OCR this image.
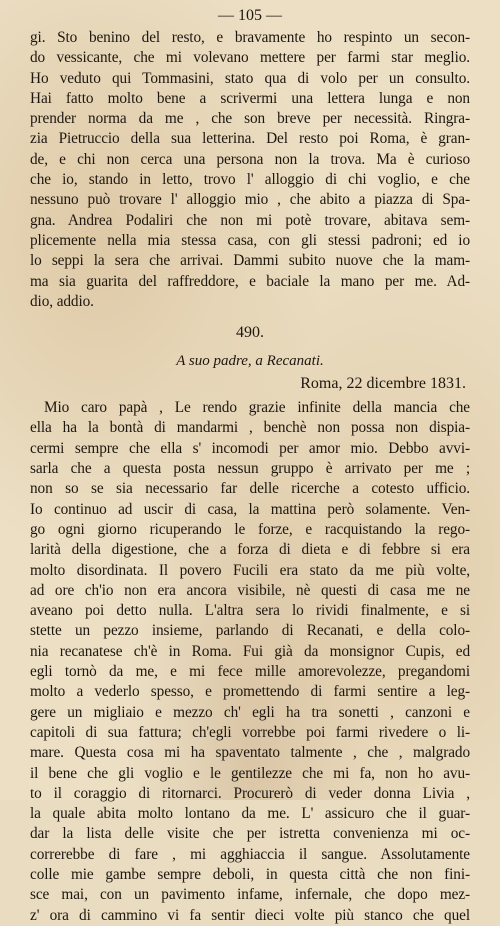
— 105 —
gi. Sto benino del resto, e bravamente ho respinto un secon-
do vessicante, che mi volevano mettere per farmi star meglio.
Ho veduto qui Tommasini, stato qua di volo per un consulto.
Hai fatto molto bene a scrivermi una lettera lunga e non
prender norma da me , che son breve per necessità. Ringra-
zia Pietruccio della sua letterina. Del resto poi Roma, è gran-
de, e chi non cerca una persona non la trova. Ma è curioso
che io, stando in letto, trovo l' alloggio di chi voglio, e che
nessuno può trovare l' alloggio mio , che abito a piazza di Spa-
gna. Andrea Podaliri che non mi potè trovare, abitava sem-
plicemente nella mia stessa casa, con gli stessi padroni; ed io
lo seppi la sera che arrivai. Dammi subito nuove che la mam-
ma sia guarita del raffreddore, e baciale la mano per me. Ad-
dio, addio.
490.
A suo padre, a Recanati.
Roma, 22 dicembre 1831.
Mio caro papà , Le rendo grazie infinite della mancia che
ella ha la bontà di mandarmi , benchè non possa non dispia-
cermi sempre che ella s' incomodi per amor mio. Debbo avvi-
sarla che a questa posta nessun gruppo è arrivato per me ;
non so se sia necessario far delle ricerche a cotesto ufficio.
Io continuo ad uscir di casa, la mattina però solamente. Ven-
go ogni giorno ricuperando le forze, e racquistando la rego-
larità della digestione, che a forza di dieta e di febbre si era
molto disordinata. Il povero Fucili era stato da me più volte,
ad ore ch'io non era ancora visibile, nè questi di casa me ne
aveano poi detto nulla. L'altra sera lo rividi finalmente, e si
stette un pezzo insieme, parlando di Recanati, e della colo-
nia recanatese ch'è in Roma. Fui già da monsignor Cupis, ed
egli tornò da me, e mi fece mille amorevolezze, pregandomi
molto a vederlo spesso, e promettendo di farmi sentire a leg-
gere un migliaio e mezzo ch' egli ha tra sonetti , canzoni e
capitoli di sua fattura; ch'egli vorrebbe poi farmi rivedere o li-
mare. Questa cosa mi ha spaventato talmente , che , malgrado
il bene che gli voglio e le gentilezze che mi fa, non ho avu-
to il coraggio di ritornarci. Procurerò di veder donna Livia ,
la quale abita molto lontano da me. L' assicuro che il guar-
dar la lista delle visite che per istretta convenienza mi oc-
correrebbe di fare , mi agghiaccia il sangue. Assolutamente
colle mie gambe sempre deboli, in questa città che non fini-
sce mai, con un pavimento infame, infernale, che dopo mez-
z' ora di cammino vi fa sentir dieci volte più stanco che quel
